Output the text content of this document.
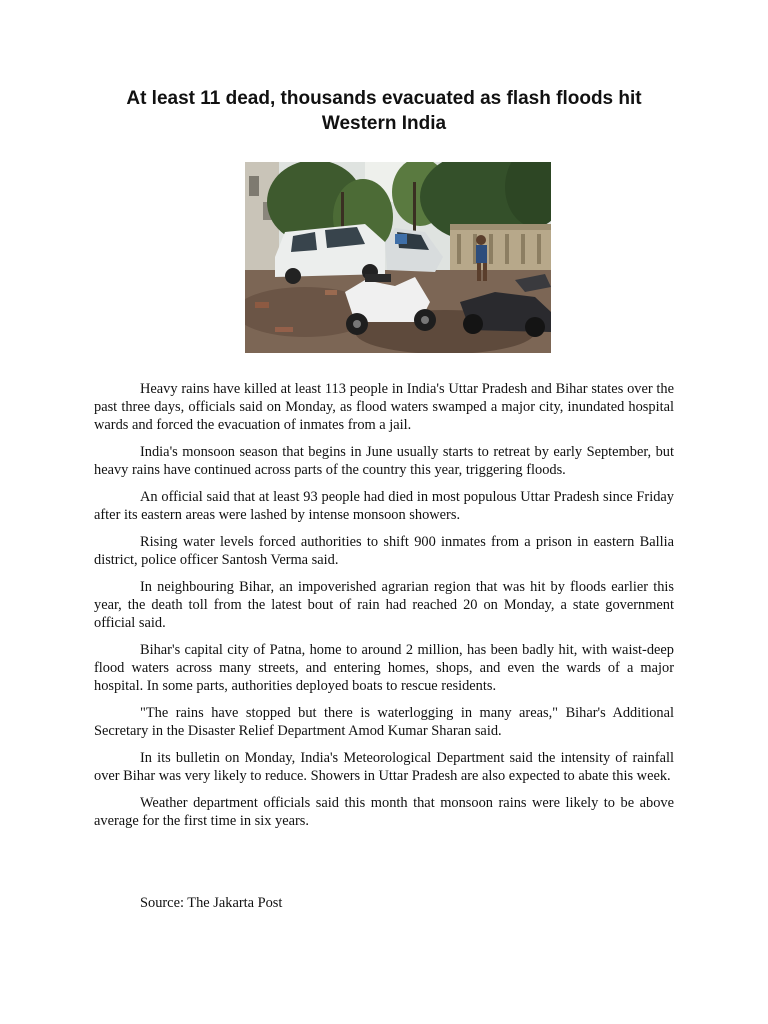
At least 11 dead, thousands evacuated as flash floods hit Western India

Heavy rains have killed at least 113 people in India's Uttar Pradesh and Bihar states over the past three days, officials said on Monday, as flood waters swamped a major city, inundated hospital wards and forced the evacuation of inmates from a jail.

India's monsoon season that begins in June usually starts to retreat by early September, but heavy rains have continued across parts of the country this year, triggering floods.

An official said that at least 93 people had died in most populous Uttar Pradesh since Friday after its eastern areas were lashed by intense monsoon showers.

Rising water levels forced authorities to shift 900 inmates from a prison in eastern Ballia district, police officer Santosh Verma said.

In neighbouring Bihar, an impoverished agrarian region that was hit by floods earlier this year, the death toll from the latest bout of rain had reached 20 on Monday, a state government official said.

Bihar's capital city of Patna, home to around 2 million, has been badly hit, with waist-deep flood waters across many streets, and entering homes, shops, and even the wards of a major hospital. In some parts, authorities deployed boats to rescue residents.

"The rains have stopped but there is waterlogging in many areas," Bihar's Additional Secretary in the Disaster Relief Department Amod Kumar Sharan said.

In its bulletin on Monday, India's Meteorological Department said the intensity of rainfall over Bihar was very likely to reduce. Showers in Uttar Pradesh are also expected to abate this week.

Weather department officials said this month that monsoon rains were likely to be above average for the first time in six years.

Source: The Jakarta Post
